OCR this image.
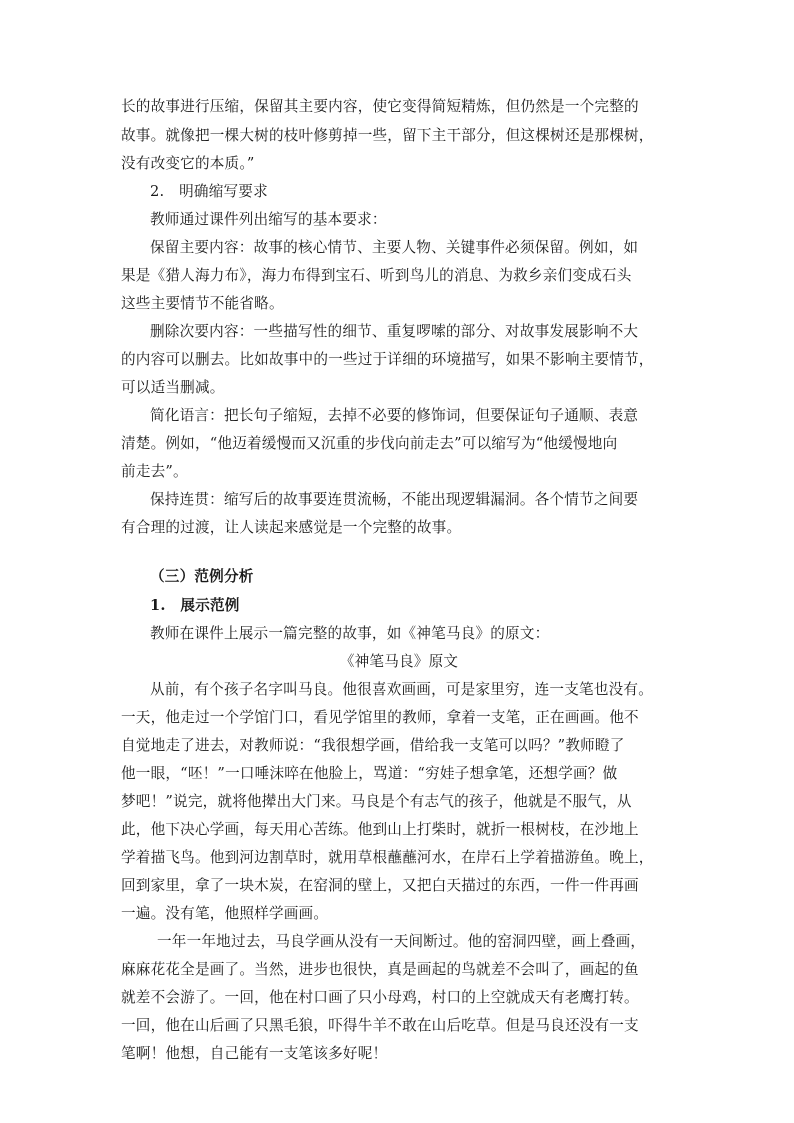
长的故事进行压缩，保留其主要内容，使它变得简短精炼，但仍然是一个完整的
故事。就像把一棵大树的枝叶修剪掉一些，留下主干部分，但这棵树还是那棵树，
没有改变它的本质。”
2.　明确缩写要求
教师通过课件列出缩写的基本要求：
保留主要内容：故事的核心情节、主要人物、关键事件必须保留。例如，如
果是《猎人海力布》，海力布得到宝石、听到鸟儿的消息、为救乡亲们变成石头
这些主要情节不能省略。
删除次要内容：一些描写性的细节、重复啰嗦的部分、对故事发展影响不大
的内容可以删去。比如故事中的一些过于详细的环境描写，如果不影响主要情节，
可以适当删减。
简化语言：把长句子缩短，去掉不必要的修饰词，但要保证句子通顺、表意
清楚。例如，“他迈着缓慢而又沉重的步伐向前走去”可以缩写为“他缓慢地向
前走去”。
保持连贯：缩写后的故事要连贯流畅，不能出现逻辑漏洞。各个情节之间要
有合理的过渡，让人读起来感觉是一个完整的故事。
（三）范例分析
1.　展示范例
教师在课件上展示一篇完整的故事，如《神笔马良》的原文：
《神笔马良》原文
从前，有个孩子名字叫马良。他很喜欢画画，可是家里穷，连一支笔也没有。
一天，他走过一个学馆门口，看见学馆里的教师，拿着一支笔，正在画画。他不
自觉地走了进去，对教师说：“我很想学画，借给我一支笔可以吗？”教师瞪了
他一眼，“呸！”一口唾沫啐在他脸上，骂道：“穷娃子想拿笔，还想学画？做
梦吧！”说完，就将他撵出大门来。马良是个有志气的孩子，他就是不服气，从
此，他下决心学画，每天用心苦练。他到山上打柴时，就折一根树枝，在沙地上
学着描飞鸟。他到河边割草时，就用草根蘸蘸河水，在岸石上学着描游鱼。晚上，
回到家里，拿了一块木炭，在窑洞的壁上，又把白天描过的东西，一件一件再画
一遍。没有笔，他照样学画画。
一年一年地过去，马良学画从没有一天间断过。他的窑洞四壁，画上叠画，
麻麻花花全是画了。当然，进步也很快，真是画起的鸟就差不会叫了，画起的鱼
就差不会游了。一回，他在村口画了只小母鸡，村口的上空就成天有老鹰打转。
一回，他在山后画了只黑毛狼，吓得牛羊不敢在山后吃草。但是马良还没有一支
笔啊！他想，自己能有一支笔该多好呢！
